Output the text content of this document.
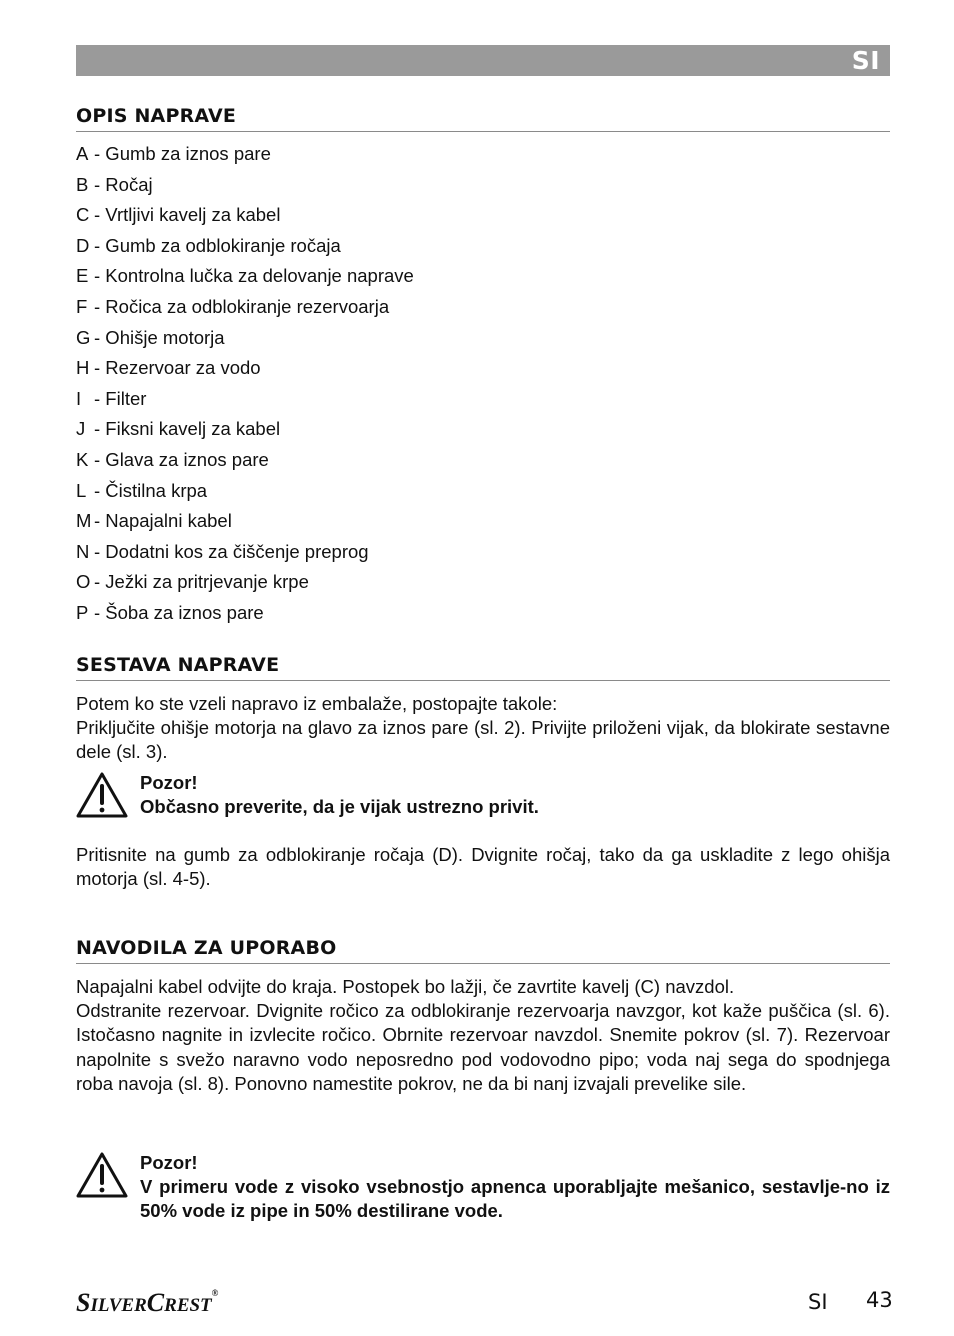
SI
OPIS NAPRAVE
A - Gumb za iznos pare
B - Ročaj
C - Vrtljivi kavelj za kabel
D - Gumb za odblokiranje ročaja
E - Kontrolna lučka za delovanje naprave
F - Ročica za odblokiranje rezervoarja
G - Ohišje motorja
H - Rezervoar za vodo
I - Filter
J - Fiksni kavelj za kabel
K - Glava za iznos pare
L - Čistilna krpa
M - Napajalni kabel
N - Dodatni kos za čiščenje preprog
O - Ježki za pritrjevanje krpe
P - Šoba za iznos pare
SESTAVA NAPRAVE
Potem ko ste vzeli napravo iz embalaže, postopajte takole:
Priključite ohišje motorja na glavo za iznos pare (sl. 2). Privijte priloženi vijak, da blokirate sestavne dele (sl. 3).
Pozor!
Občasno preverite, da je vijak ustrezno privit.

Pritisnite na gumb za odblokiranje ročaja (D). Dvignite ročaj, tako da ga uskladite z lego ohišja motorja (sl. 4-5).

NAVODILA ZA UPORABO
Napajalni kabel odvijte do kraja. Postopek bo lažji, če zavrtite kavelj (C) navzdol.
Odstranite rezervoar. Dvignite ročico za odblokiranje rezervoarja navzgor, kot kaže puščica (sl. 6). Istočasno nagnite in izvlecite ročico. Obrnite rezervoar navzdol. Snemite pokrov (sl. 7). Rezervoar napolnite s svežo naravno vodo neposredno pod vodovodno pipo; voda naj sega do spodnjega roba navoja (sl. 8). Ponovno namestite pokrov, ne da bi nanj izvajali prevelike sile.
Pozor!
V primeru vode z visoko vsebnostjo apnenca uporabljajte mešanico, sestavlje-no iz 50% vode iz pipe in 50% destilirane vode.
SILVERCREST®	SI 43
